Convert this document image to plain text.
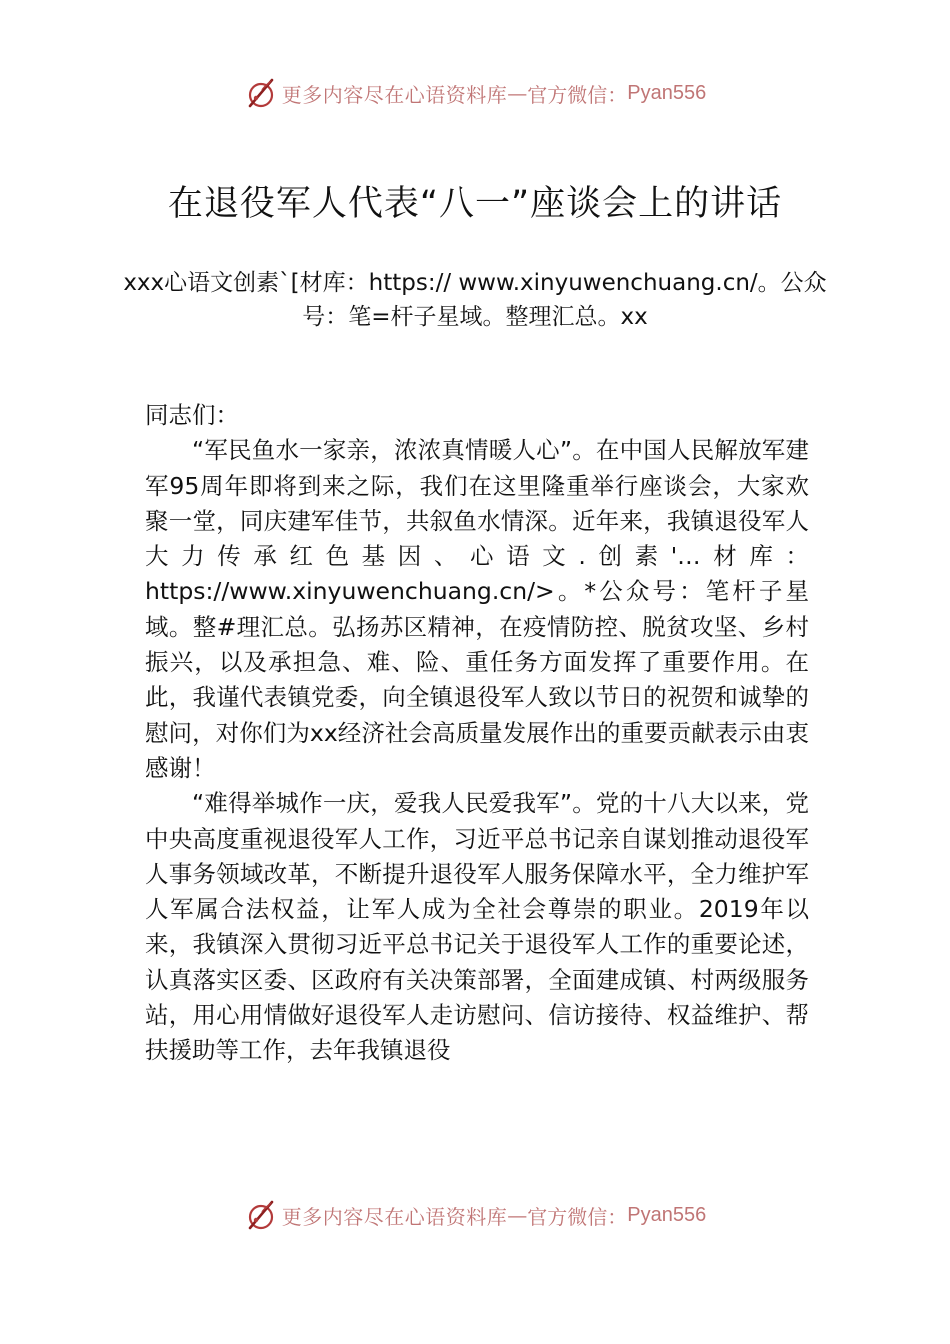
更多内容尽在心语资料库 — 官方微信： Pyan556
在退役军人代表“八一”座谈会上的讲话
xxx心语文创素`[材库：https:// www.xinyuwenchuang.cn/。公众号：笔=杆子星域。整理汇总。xx

同志们：

“军民鱼水一家亲，浓浓真情暖人心”。在中国人民解放军建军95周年即将到来之际，我们在这里隆重举行座谈会，大家欢聚一堂，同庆建军佳节，共叙鱼水情深。近年来，我镇退役军人大力传承红色基因、心语文.创素'…材库：https://www.xinyuwenchuang.cn/>。*公众号：笔杆子星域。整#理汇总。弘扬苏区精神，在疫情防控、脱贫攻坚、乡村振兴，以及承担急、难、险、重任务方面发挥了重要作用。在此，我谨代表镇党委，向全镇退役军人致以节日的祝贺和诚挚的慰问，对你们为xx经济社会高质量发展作出的重要贡献表示由衷感谢！

“难得举城作一庆，爱我人民爱我军”。党的十八大以来，党中央高度重视退役军人工作，习近平总书记亲自谋划推动退役军人事务领域改革，不断提升退役军人服务保障水平，全力维护军人军属合法权益，让军人成为全社会尊崇的职业。2019年以来，我镇深入贯彻习近平总书记关于退役军人工作的重要论述，认真落实区委、区政府有关决策部署，全面建成镇、村两级服务站，用心用情做好退役军人走访慰问、信访接待、权益维护、帮扶援助等工作，去年我镇退役

更多内容尽在心语资料库 — 官方微信： Pyan556
